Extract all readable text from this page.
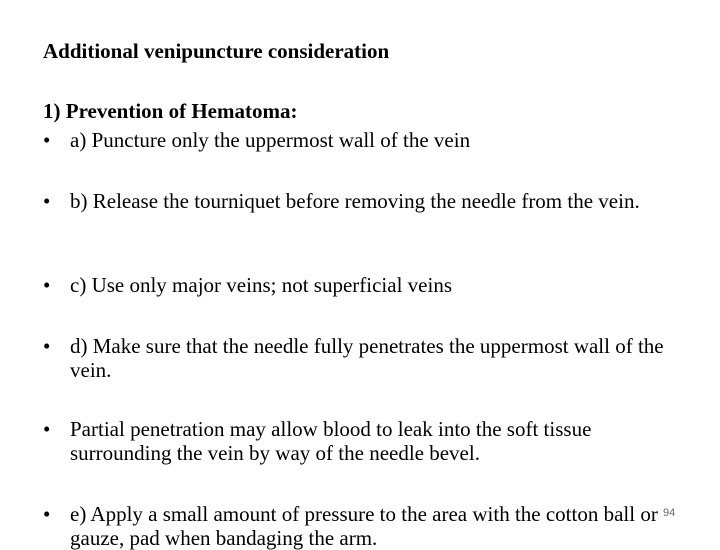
Additional venipuncture consideration
1) Prevention of Hematoma:
• a) Puncture only the uppermost wall of the vein
• b) Release the tourniquet before removing the needle from the vein.
• c) Use only major veins; not superficial veins
• d) Make sure that the needle fully penetrates the uppermost wall of the vein.
• Partial penetration may allow blood to leak into the soft tissue surrounding the vein by way of the needle bevel.
• e) Apply a small amount of pressure to the area with the cotton ball or gauze, pad when bandaging the arm.
94
